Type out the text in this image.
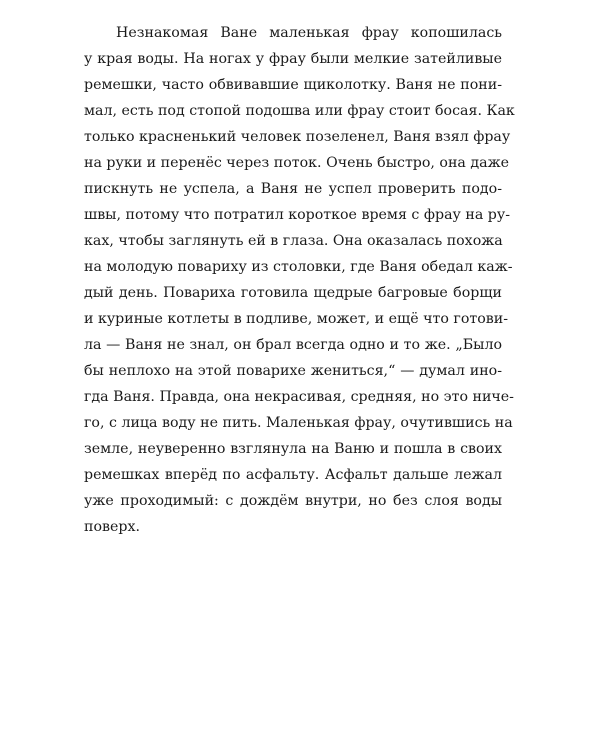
Незнакомая Ване маленькая фрау копошилась
у края воды. На ногах у фрау были мелкие затейливые
ремешки, часто обвивавшие щиколотку. Ваня не пони-
мал, есть под стопой подошва или фрау стоит босая. Как
только красненький человек позеленел, Ваня взял фрау
на руки и перенёс через поток. Очень быстро, она даже
пискнуть не успела, а Ваня не успел проверить подо-
швы, потому что потратил короткое время с фрау на ру-
ках, чтобы заглянуть ей в глаза. Она оказалась похожа
на молодую повариху из столовки, где Ваня обедал каж-
дый день. Повариха готовила щедрые багровые борщи
и куриные котлеты в подливе, может, и ещё что готови-
ла — Ваня не знал, он брал всегда одно и то же. „Было
бы неплохо на этой поварихе жениться,“ — думал ино-
гда Ваня. Правда, она некрасивая, средняя, но это ниче-
го, с лица воду не пить. Маленькая фрау, очутившись на
земле, неуверенно взглянула на Ваню и пошла в своих
ремешках вперёд по асфальту. Асфальт дальше лежал
уже проходимый: с дождём внутри, но без слоя воды
поверх.
